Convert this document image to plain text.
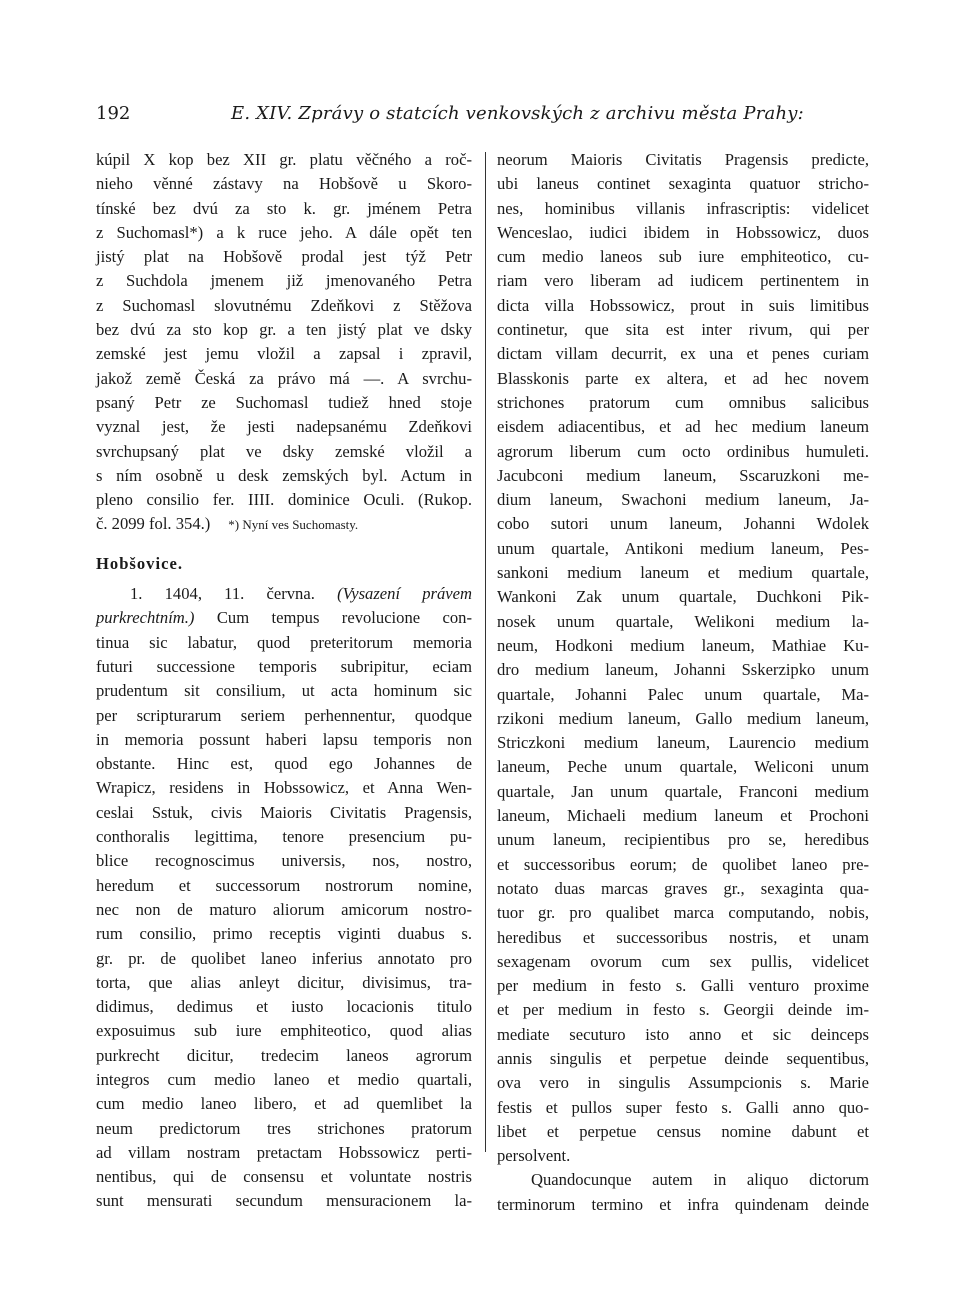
192	E. XIV. Zprávy o statcích venkovských z archivu města Prahy:
kúpil X kop bez XII gr. platu věčného a roč-
nieho věnné zástavy na Hobšově u Skoro-
tínské bez dvú za sto k. gr. jménem Petra
z Suchomasl*) a k ruce jeho. A dále opět ten
jistý plat na Hobšově prodal jest týž Petr
z Suchdola jmenem již jmenovaného Petra
z Suchomasl slovutnému Zdeňkovi z Stěžova
bez dvú za sto kop gr. a ten jistý plat ve dsky
zemské jest jemu vložil a zapsal i zpravil,
jakož země Česká za právo má —. A svrchu-
psaný Petr ze Suchomasl tudiež hned stoje
vyznal jest, že jesti nadepsanému Zdeňkovi
svrchupsaný plat ve dsky zemské vložil a
s ním osobně u desk zemských byl. Actum in
pleno consilio fer. IIII. dominice Oculi. (Rukop.
č. 2099 fol. 354.) *) Nyní ves Suchomasty.
Hobšovice.
1. 1404, 11. června. (Vysazení právem
purkrechtním.) Cum tempus revolucione con-
tinua sic labatur, quod preteritorum memoria
futuri successione temporis subripitur, eciam
prudentum sit consilium, ut acta hominum sic
per scripturarum seriem perhennentur, quodque
in memoria possunt haberi lapsu temporis non
obstante. Hinc est, quod ego Johannes de
Wrapicz, residens in Hobssowicz, et Anna Wen-
ceslai Sstuk, civis Maioris Civitatis Pragensis,
conthoralis legittima, tenore presencium pu-
blice recognoscimus universis, nos, nostro,
heredum et successorum nostrorum nomine,
nec non de maturo aliorum amicorum nostro-
rum consilio, primo receptis viginti duabus s.
gr. pr. de quolibet laneo inferius annotato pro
torta, que alias anleyt dicitur, divisimus, tra-
didimus, dedimus et iusto locacionis titulo
exposuimus sub iure emphiteotico, quod alias
purkrecht dicitur, tredecim laneos agrorum
integros cum medio laneo et medio quartali,
cum medio laneo libero, et ad quemlibet la
neum predictorum tres strichones pratorum
ad villam nostram pretactam Hobssowicz perti-
nentibus, qui de consensu et voluntate nostris
sunt mensurati secundum mensuracionem la-
neorum Maioris Civitatis Pragensis predicte,
ubi laneus continet sexaginta quatuor stricho-
nes, hominibus villanis infrascriptis: videlicet
Wenceslao, iudici ibidem in Hobssowicz, duos
cum medio laneos sub iure emphiteotico, cu-
riam vero liberam ad iudicem pertinentem in
dicta villa Hobssowicz, prout in suis limitibus
continetur, que sita est inter rivum, qui per
dictam villam decurrit, ex una et penes curiam
Blasskonis parte ex altera, et ad hec novem
strichones pratorum cum omnibus salicibus
eisdem adiacentibus, et ad hec medium laneum
agrorum liberum cum octo ordinibus humuleti.
Jacubconi medium laneum, Sscaruzkoni me-
dium laneum, Swachoni medium laneum, Ja-
cobo sutori unum laneum, Johanni Wdolek
unum quartale, Antikoni medium laneum, Pes-
sankoni medium laneum et medium quartale,
Wankoni Zak unum quartale, Duchkoni Pik-
nosek unum quartale, Welikoni medium la-
neum, Hodkoni medium laneum, Mathiae Ku-
dro medium laneum, Johanni Sskerzipko unum
quartale, Johanni Palec unum quartale, Ma-
rzikoni medium laneum, Gallo medium laneum,
Striczkoni medium laneum, Laurencio medium
laneum, Peche unum quartale, Weliconi unum
quartale, Jan unum quartale, Franconi medium
laneum, Michaeli medium laneum et Prochoni
unum laneum, recipientibus pro se, heredibus
et successoribus eorum; de quolibet laneo pre-
notato duas marcas graves gr., sexaginta qua-
tuor gr. pro qualibet marca computando, nobis,
heredibus et successoribus nostris, et unam
sexagenam ovorum cum sex pullis, videlicet
per medium in festo s. Galli venturo proxime
et per medium in festo s. Georgii deinde im-
mediate secuturo isto anno et sic deinceps
annis singulis et perpetue deinde sequentibus,
ova vero in singulis Assumpcionis s. Marie
festis et pullos super festo s. Galli anno quo-
libet et perpetue census nomine dabunt et
persolvent.
Quandocunque autem in aliquo dictorum
terminorum termino et infra quindenam deinde
